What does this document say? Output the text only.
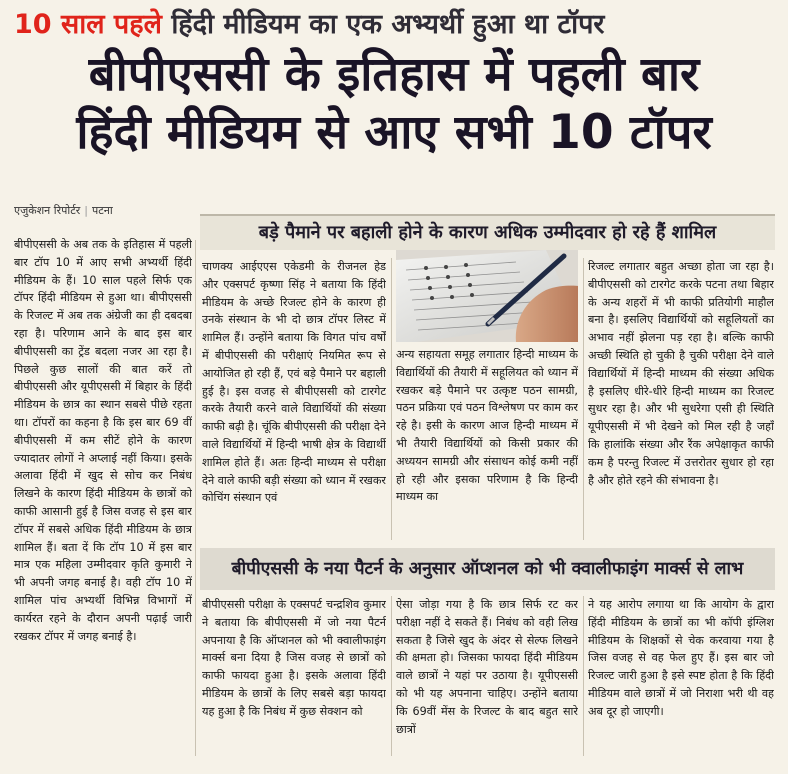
10 साल पहले हिंदी मीडियम का एक अभ्यर्थी हुआ था टॉपर
बीपीएससी के इतिहास में पहली बार
हिंदी मीडियम से आए सभी 10 टॉपर
एजुकेशन रिपोर्टर | पटना
बड़े पैमाने पर बहाली होने के कारण अधिक उम्मीदवार हो रहे हैं शामिल
बीपीएससी के अब तक के इतिहास में पहली बार टॉप 10 में आए सभी अभ्यर्थी हिंदी मीडियम के हैं। 10 साल पहले सिर्फ एक टॉपर हिंदी मीडियम से हुआ था। बीपीएससी के रिजल्ट में अब तक अंग्रेजी का ही दबदबा रहा है। परिणाम आने के बाद इस बार बीपीएससी का ट्रेंड बदला नजर आ रहा है। पिछले कुछ सालों की बात करें तो बीपीएससी और यूपीएससी में बिहार के हिंदी मीडियम के छात्र का स्थान सबसे पीछे रहता था। टॉपरों का कहना है कि इस बार 69 वीं बीपीएससी में कम सीटें होने के कारण ज्यादातर लोगों ने अप्लाई नहीं किया। इसके अलावा हिंदी में खुद से सोच कर निबंध लिखने के कारण हिंदी मीडियम के छात्रों को काफी आसानी हुई है जिस वजह से इस बार टॉपर में सबसे अधिक हिंदी मीडियम के छात्र शामिल हैं। बता दें कि टॉप 10 में इस बार मात्र एक महिला उम्मीदवार कृति कुमारी ने भी अपनी जगह बनाई है। वही टॉप 10 में शामिल पांच अभ्यर्थी विभिन्न विभागों में कार्यरत रहने के दौरान अपनी पढ़ाई जारी रखकर टॉपर में जगह बनाई है।
चाणक्य आईएएस एकेडमी के रीजनल हेड और एक्सपर्ट कृष्णा सिंह ने बताया कि हिंदी मीडियम के अच्छे रिजल्ट होने के कारण ही उनके संस्थान के भी दो छात्र टॉपर लिस्ट में शामिल हैं। उन्होंने बताया कि विगत पांच वर्षों में बीपीएससी की परीक्षाएं नियमित रूप से आयोजित हो रही हैं, एवं बड़े पैमाने पर बहाली हुई है। इस वजह से बीपीएससी को टारगेट करके तैयारी करने वाले विद्यार्थियों की संख्या काफी बढ़ी है। चूंकि बीपीएससी की परीक्षा देने वाले विद्यार्थियों में हिन्दी भाषी क्षेत्र के विद्यार्थी शामिल होते हैं। अतः हिन्दी माध्यम से परीक्षा देने वाले काफी बड़ी संख्या को ध्यान में रखकर कोचिंग संस्थान एवं
अन्य सहायता समूह लगातार हिन्दी माध्यम के विद्यार्थियों की तैयारी में सहूलियत को ध्यान में रखकर बड़े पैमाने पर उत्कृष्ट पठन सामग्री, पठन प्रक्रिया एवं पठन विश्लेषण पर काम कर रहे है। इसी के कारण आज हिन्दी माध्यम में भी तैयारी विद्यार्थियों को किसी प्रकार की अध्ययन सामग्री और संसाधन कोई कमी नहीं हो रही और इसका परिणाम है कि हिन्दी माध्यम का
रिजल्ट लगातार बहुत अच्छा होता जा रहा है। बीपीएससी को टारगेट करके पटना तथा बिहार के अन्य शहरों में भी काफी प्रतियोगी माहौल बना है। इसलिए विद्यार्थियों को सहूलियतों का अभाव नहीं झेलना पड़ रहा है। बल्कि काफी अच्छी स्थिति हो चुकी है चुकी परीक्षा देने वाले विद्यार्थियों में हिन्दी माध्यम की संख्या अधिक है इसलिए धीरे-धीरे हिन्दी माध्यम का रिजल्ट सुधर रहा है। और भी सुधरेगा एसी ही स्थिति यूपीएससी में भी देखने को मिल रही है जहाँ कि हालांकि संख्या और रैंक अपेक्षाकृत काफी कम है परन्तु रिजल्ट में उत्तरोतर सुधार हो रहा है और होते रहने की संभावना है।
बीपीएससी के नया पैटर्न के अनुसार ऑप्शनल को भी क्वालीफाइंग मार्क्स से लाभ
बीपीएससी परीक्षा के एक्सपर्ट चन्द्रशिव कुमार ने बताया कि बीपीएससी में जो नया पैटर्न अपनाया है कि ऑप्शनल को भी क्वालीफाइंग मार्क्स बना दिया है जिस वजह से छात्रों को काफी फायदा हुआ है। इसके अलावा हिंदी मीडियम के छात्रों के लिए सबसे बड़ा फायदा यह हुआ है कि निबंध में कुछ सेक्शन को
ऐसा जोड़ा गया है कि छात्र सिर्फ रट कर परीक्षा नहीं दे सकते हैं। निबंध को वही लिख सकता है जिसे खुद के अंदर से सेल्फ लिखने की क्षमता हो। जिसका फायदा हिंदी मीडियम वाले छात्रों ने यहां पर उठाया है। यूपीएससी को भी यह अपनाना चाहिए। उन्होंने बताया कि 69वीं मेंस के रिजल्ट के बाद बहुत सारे छात्रों
ने यह आरोप लगाया था कि आयोग के द्वारा हिंदी मीडियम के छात्रों का भी कॉपी इंग्लिश मीडियम के शिक्षकों से चेक करवाया गया है जिस वजह से वह फेल हुए हैं। इस बार जो रिजल्ट जारी हुआ है इसे स्पष्ट होता है कि हिंदी मीडियम वाले छात्रों में जो निराशा भरी थी वह अब दूर हो जाएगी।
